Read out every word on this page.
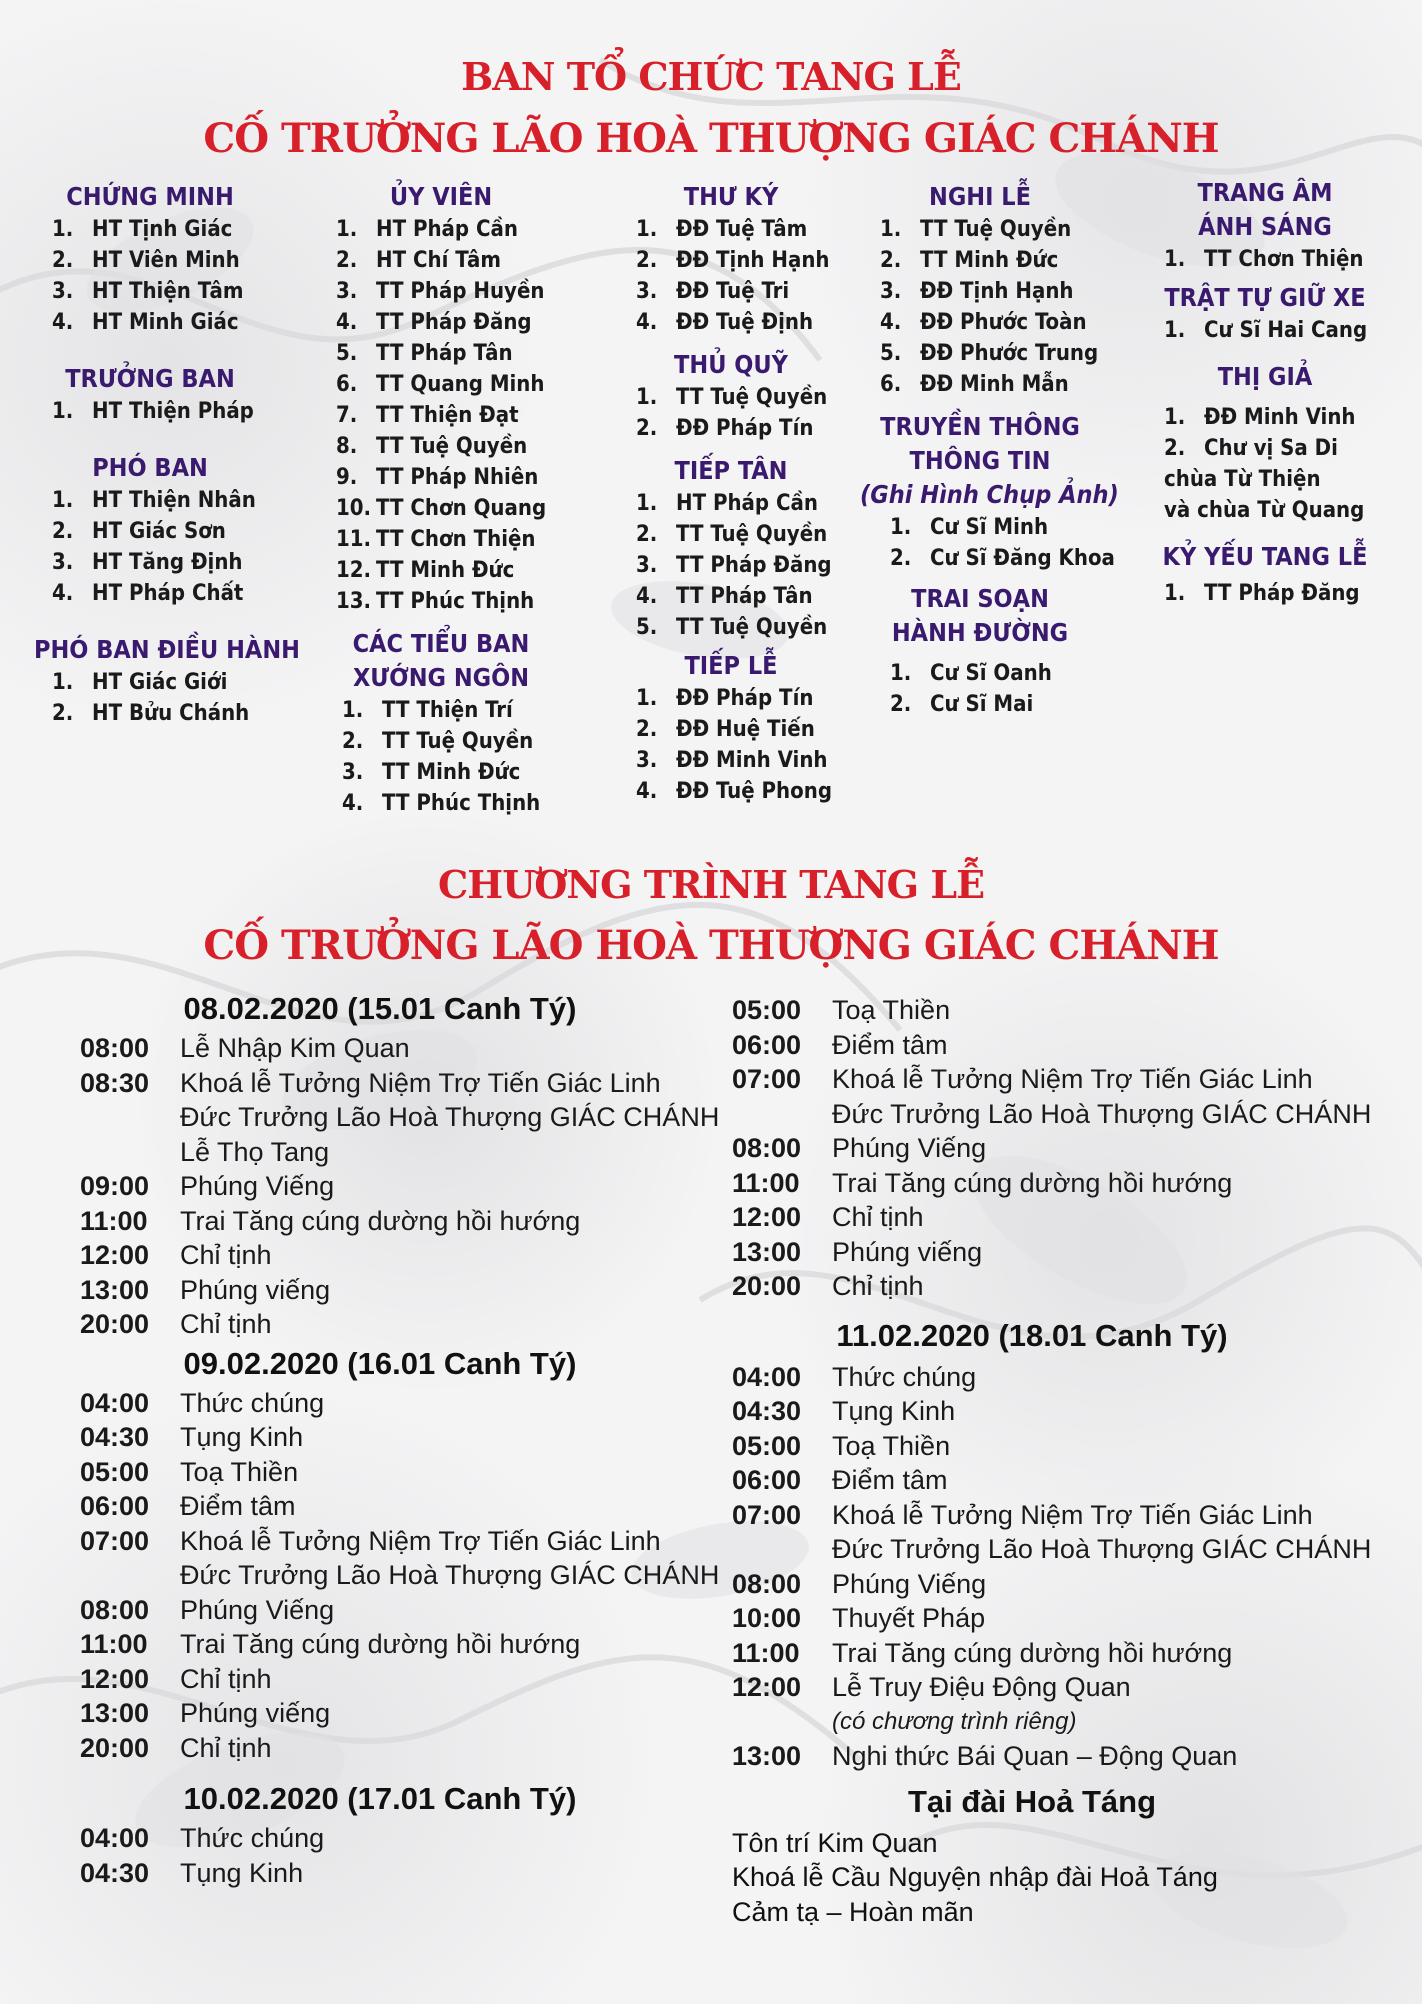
BAN TỔ CHỨC TANG LỄ
CỐ TRƯỞNG LÃO HOÀ THƯỢNG GIÁC CHÁNH
CHỨNG MINH
1. HT Tịnh Giác
2. HT Viên Minh
3. HT Thiện Tâm
4. HT Minh Giác
TRƯỞNG BAN
1. HT Thiện Pháp
PHÓ BAN
1. HT Thiện Nhân
2. HT Giác Sơn
3. HT Tăng Định
4. HT Pháp Chất
PHÓ BAN ĐIỀU HÀNH
1. HT Giác Giới
2. HT Bửu Chánh
ỦY VIÊN
1. HT Pháp Cần
2. HT Chí Tâm
3. TT Pháp Huyền
4. TT Pháp Đăng
5. TT Pháp Tân
6. TT Quang Minh
7. TT Thiện Đạt
8. TT Tuệ Quyền
9. TT Pháp Nhiên
10. TT Chơn Quang
11. TT Chơn Thiện
12. TT Minh Đức
13. TT Phúc Thịnh
CÁC TIỂU BAN
XƯỚNG NGÔN
1. TT Thiện Trí
2. TT Tuệ Quyền
3. TT Minh Đức
4. TT Phúc Thịnh
THƯ KÝ
1. ĐĐ Tuệ Tâm
2. ĐĐ Tịnh Hạnh
3. ĐĐ Tuệ Tri
4. ĐĐ Tuệ Định
THỦ QUỸ
1. TT Tuệ Quyền
2. ĐĐ Pháp Tín
TIẾP TÂN
1. HT Pháp Cần
2. TT Tuệ Quyền
3. TT Pháp Đăng
4. TT Pháp Tân
5. TT Tuệ Quyền
TIẾP LỄ
1. ĐĐ Pháp Tín
2. ĐĐ Huệ Tiến
3. ĐĐ Minh Vinh
4. ĐĐ Tuệ Phong
NGHI LỄ
1. TT Tuệ Quyền
2. TT Minh Đức
3. ĐĐ Tịnh Hạnh
4. ĐĐ Phước Toàn
5. ĐĐ Phước Trung
6. ĐĐ Minh Mẫn
TRUYỀN THÔNG
THÔNG TIN
(Ghi Hình Chụp Ảnh)
1. Cư Sĩ Minh
2. Cư Sĩ Đăng Khoa
TRAI SOẠN
HÀNH ĐƯỜNG
1. Cư Sĩ Oanh
2. Cư Sĩ Mai
TRANG ÂM
ÁNH SÁNG
1. TT Chơn Thiện
TRẬT TỰ GIỮ XE
1. Cư Sĩ Hai Cang
THỊ GIẢ
1. ĐĐ Minh Vinh
2. Chư vị Sa Di
chùa Từ Thiện
và chùa Từ Quang
KỶ YẾU TANG LỄ
1. TT Pháp Đăng
CHƯƠNG TRÌNH TANG LỄ
CỐ TRƯỞNG LÃO HOÀ THƯỢNG GIÁC CHÁNH
08.02.2020 (15.01 Canh Tý)
08:00	Lễ Nhập Kim Quan
08:30	Khoá lễ Tưởng Niệm Trợ Tiến Giác Linh
Đức Trưởng Lão Hoà Thượng GIÁC CHÁNH
Lễ Thọ Tang
09:00	Phúng Viếng
11:00	Trai Tăng cúng dường hồi hướng
12:00	Chỉ tịnh
13:00	Phúng viếng
20:00	Chỉ tịnh
09.02.2020 (16.01 Canh Tý)
04:00	Thức chúng
04:30	Tụng Kinh
05:00	Toạ Thiền
06:00	Điểm tâm
07:00	Khoá lễ Tưởng Niệm Trợ Tiến Giác Linh
Đức Trưởng Lão Hoà Thượng GIÁC CHÁNH
08:00	Phúng Viếng
11:00	Trai Tăng cúng dường hồi hướng
12:00	Chỉ tịnh
13:00	Phúng viếng
20:00	Chỉ tịnh
10.02.2020 (17.01 Canh Tý)
04:00	Thức chúng
04:30	Tụng Kinh
05:00	Toạ Thiền
06:00	Điểm tâm
07:00	Khoá lễ Tưởng Niệm Trợ Tiến Giác Linh
Đức Trưởng Lão Hoà Thượng GIÁC CHÁNH
08:00	Phúng Viếng
11:00	Trai Tăng cúng dường hồi hướng
12:00	Chỉ tịnh
13:00	Phúng viếng
20:00	Chỉ tịnh
11.02.2020 (18.01 Canh Tý)
04:00	Thức chúng
04:30	Tụng Kinh
05:00	Toạ Thiền
06:00	Điểm tâm
07:00	Khoá lễ Tưởng Niệm Trợ Tiến Giác Linh
Đức Trưởng Lão Hoà Thượng GIÁC CHÁNH
08:00	Phúng Viếng
10:00	Thuyết Pháp
11:00	Trai Tăng cúng dường hồi hướng
12:00	Lễ Truy Điệu Động Quan
(có chương trình riêng)
13:00	Nghi thức Bái Quan – Động Quan
Tại đài Hoả Táng
Tôn trí Kim Quan
Khoá lễ Cầu Nguyện nhập đài Hoả Táng
Cảm tạ – Hoàn mãn
